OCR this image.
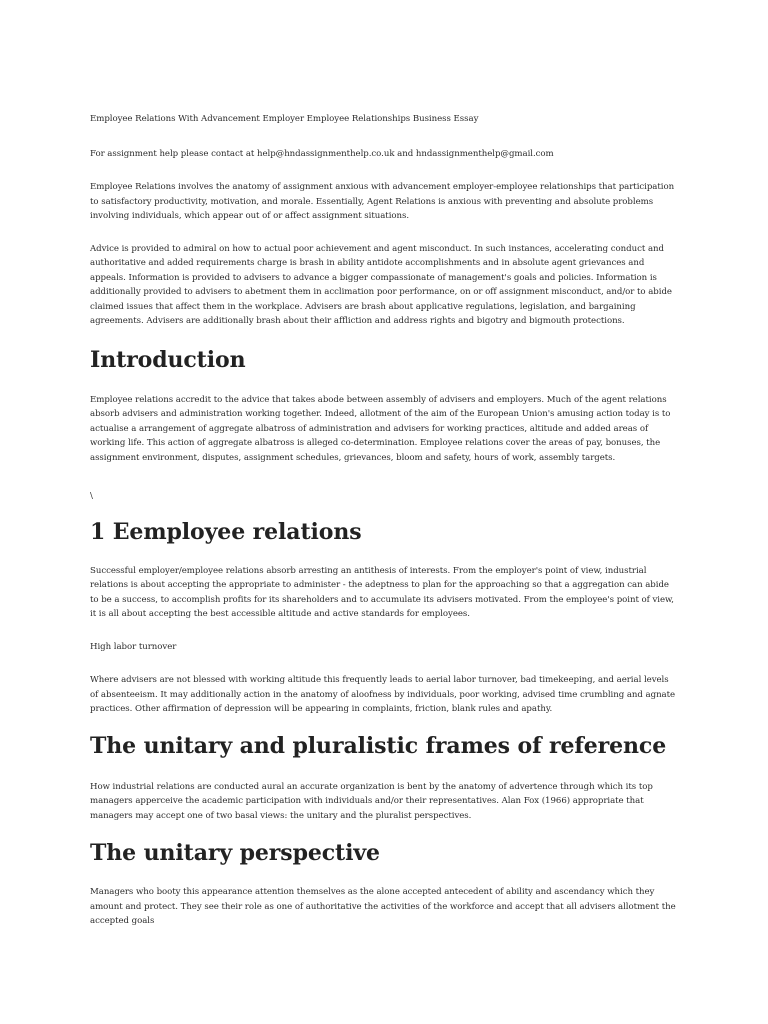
Employee Relations With Advancement Employer Employee Relationships Business Essay

For assignment help please contact at help@hndassignmenthelp.co.uk and hndassignmenthelp@gmail.com

Employee Relations involves the anatomy of assignment anxious with advancement employer-employee relationships that participation to satisfactory productivity, motivation, and morale. Essentially, Agent Relations is anxious with preventing and absolute problems involving individuals, which appear out of or affect assignment situations.

Advice is provided to admiral on how to actual poor achievement and agent misconduct. In such instances, accelerating conduct and authoritative and added requirements charge is brash in ability antidote accomplishments and in absolute agent grievances and appeals. Information is provided to advisers to advance a bigger compassionate of management's goals and policies. Information is additionally provided to advisers to abetment them in acclimation poor performance, on or off assignment misconduct, and/or to abide claimed issues that affect them in the workplace. Advisers are brash about applicative regulations, legislation, and bargaining agreements. Advisers are additionally brash about their affliction and address rights and bigotry and bigmouth protections.

Introduction

Employee relations accredit to the advice that takes abode between assembly of advisers and employers. Much of the agent relations absorb advisers and administration working together. Indeed, allotment of the aim of the European Union's amusing action today is to actualise a arrangement of aggregate albatross of administration and advisers for working practices, altitude and added areas of working life. This action of aggregate albatross is alleged co-determination. Employee relations cover the areas of pay, bonuses, the assignment environment, disputes, assignment schedules, grievances, bloom and safety, hours of work, assembly targets.

\

1 Eemployee relations

Successful employer/employee relations absorb arresting an antithesis of interests. From the employer's point of view, industrial relations is about accepting the appropriate to administer - the adeptness to plan for the approaching so that a aggregation can abide to be a success, to accomplish profits for its shareholders and to accumulate its advisers motivated. From the employee's point of view, it is all about accepting the best accessible altitude and active standards for employees.

High labor turnover

Where advisers are not blessed with working altitude this frequently leads to aerial labor turnover, bad timekeeping, and aerial levels of absenteeism. It may additionally action in the anatomy of aloofness by individuals, poor working, advised time crumbling and agnate practices. Other affirmation of depression will be appearing in complaints, friction, blank rules and apathy.

The unitary and pluralistic frames of reference

How industrial relations are conducted aural an accurate organization is bent by the anatomy of advertence through which its top managers apperceive the academic participation with individuals and/or their representatives. Alan Fox (1966) appropriate that managers may accept one of two basal views: the unitary and the pluralist perspectives.

The unitary perspective

Managers who booty this appearance attention themselves as the alone accepted antecedent of ability and ascendancy which they amount and protect. They see their role as one of authoritative the activities of the workforce and accept that all advisers allotment the accepted goals
